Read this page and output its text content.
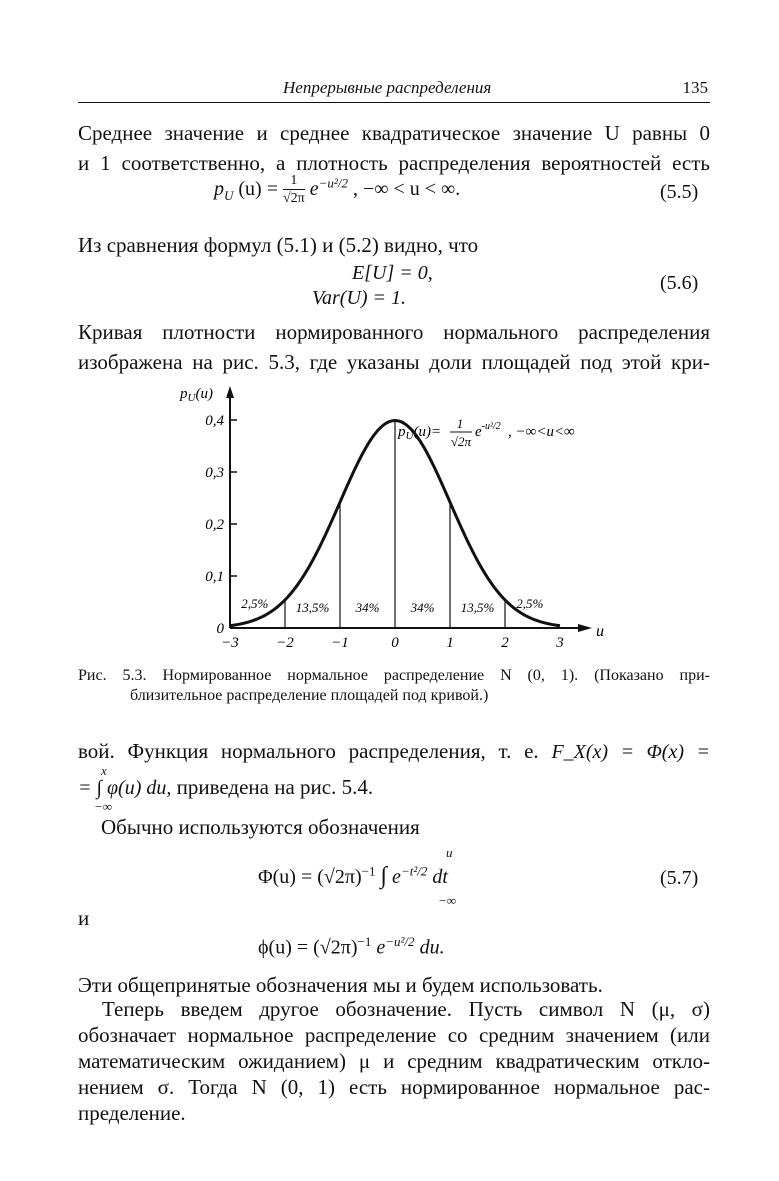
Непрерывные распределения	135
Среднее значение и среднее квадратическое значение U равны 0
и 1 соответственно, а плотность распределения вероятностей есть
$p_U$ $(u) = \frac{1}{√2\pi} e^{-u^2/2}$ , −∞ < u < ∞.	(5.5)
Из сравнения формул (5.1) и (5.2) видно, что
E[U] = 0,
Var(U) = 1.
(5.6)
Кривая плотности нормированного нормального распределения
изображена на рис. 5.3, где указаны доли площадей под этой кри-
$p_U(u)$
u
$p_U(u)=$
1
√2π
$e^{-u^2/2}$ , −∞<u<∞
0
0,1
0,2
0,3
0,4
−3 −2 −1	0	1	2	3
2,5% 13,5% 34% 34% 13,5% 2,5%
Рис. 5.3. Нормированное нормальное распределение N (0, 1). (Показано при-
близительное распределение площадей под кривой.)
вой. Функция нормального распределения, т. е. F_X(x) = Φ(x) =
x
= ∫ φ(u) du, приведена на рис. 5.4.
−∞
Обычно используются обозначения
u
$\Phi(u) = (√2\pi)^{-1}$ ∫ $e^{-t^2/2}$ dt
−∞
(5.7)
и
$\phi(u) = (√2\pi)^{-1}$ $e^{-u^2/2}$ du.
Эти общепринятые обозначения мы и будем использовать.
Теперь введем другое обозначение. Пусть символ N (μ, σ)
обозначает нормальное распределение со средним значением (или
математическим ожиданием) μ и средним квадратическим откло-
нением σ. Тогда N (0, 1) есть нормированное нормальное рас-
пределение.
